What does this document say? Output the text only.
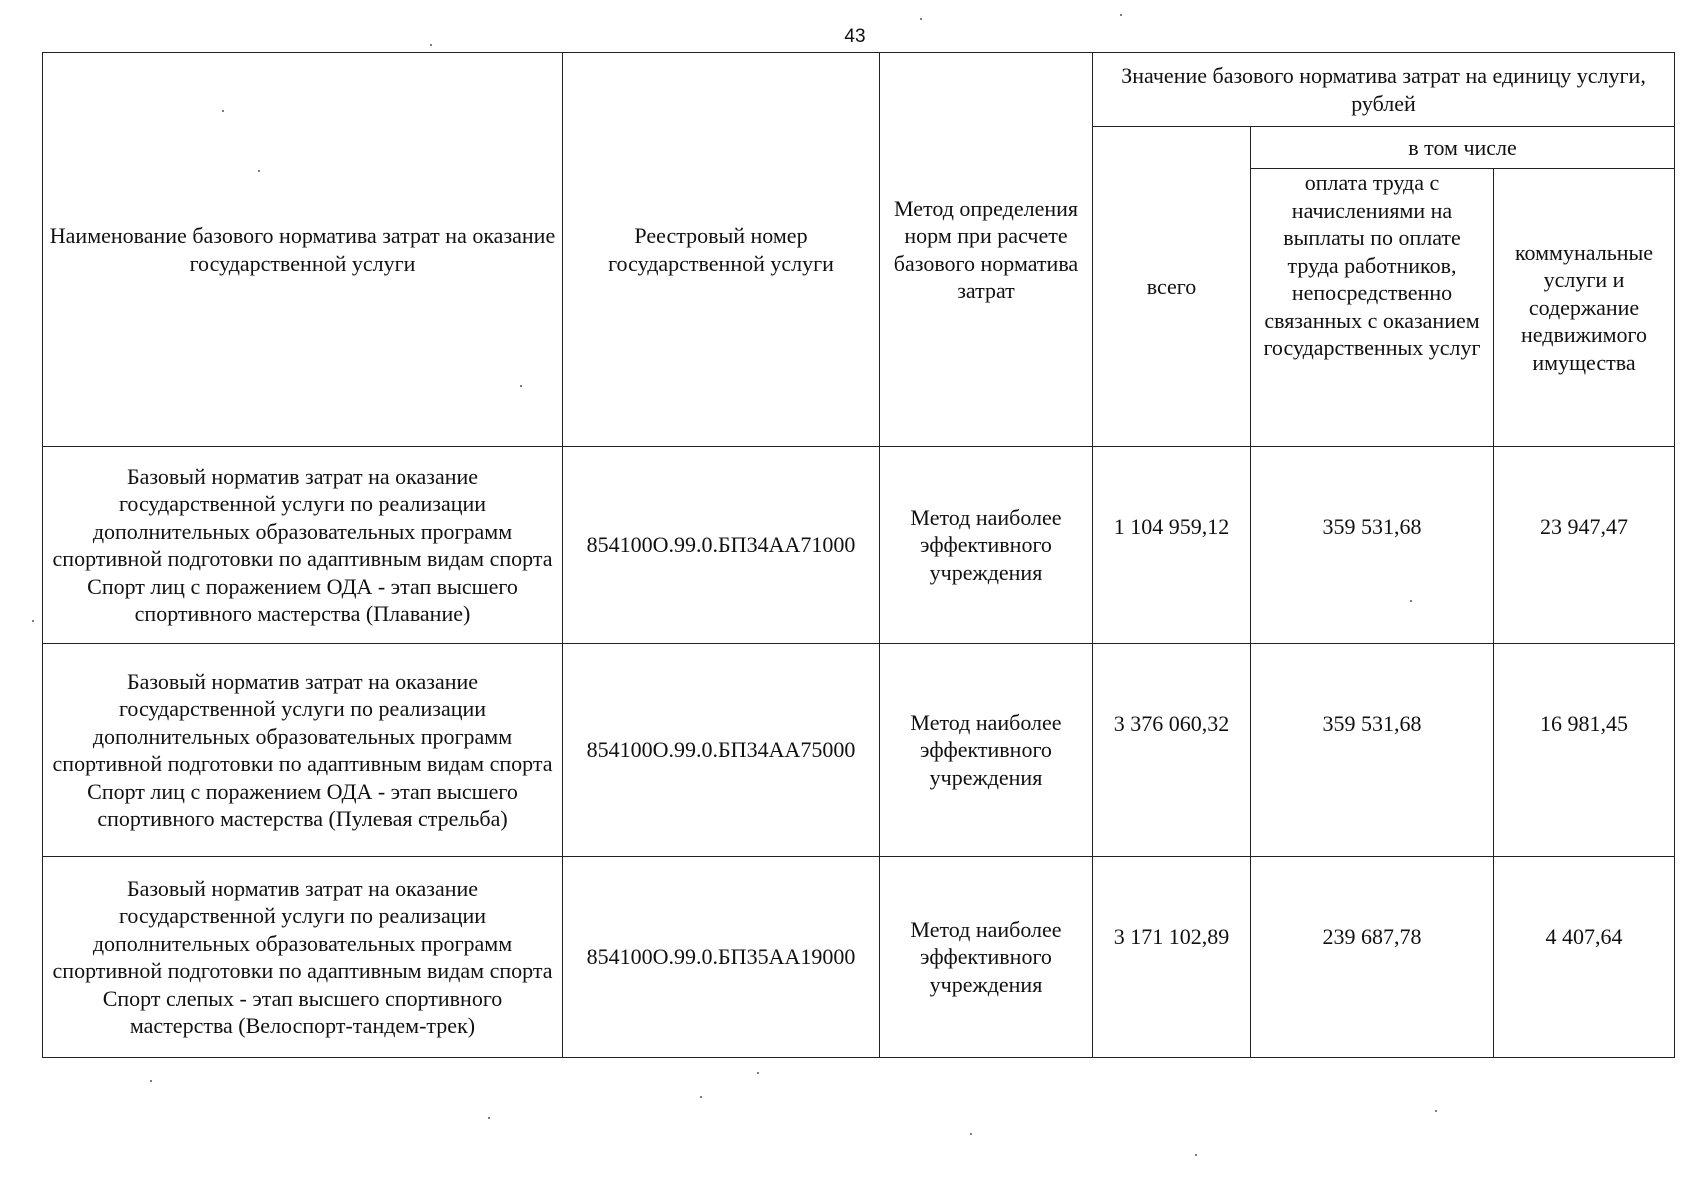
43
Наименование базового норматива затрат на оказание государственной услуги	Реестровый номер государственной услуги	Метод определения норм при расчете базового норматива затрат	Значение базового норматива затрат на единицу услуги, рублей		
			всего	в том числе	
				оплата труда с начислениями на выплаты по оплате труда работников, непосредственно связанных с оказанием государственных услуг	коммунальные услуги и содержание недвижимого имущества
Базовый норматив затрат на оказание государственной услуги по реализации дополнительных образовательных программ спортивной подготовки по адаптивным видам спорта Спорт лиц с поражением ОДА - этап высшего спортивного мастерства (Плавание)	854100О.99.0.БП34АА71000	Метод наиболее эффективного учреждения	1 104 959,12	359 531,68	23 947,47
Базовый норматив затрат на оказание государственной услуги по реализации дополнительных образовательных программ спортивной подготовки по адаптивным видам спорта Спорт лиц с поражением ОДА - этап высшего спортивного мастерства (Пулевая стрельба)	854100О.99.0.БП34АА75000	Метод наиболее эффективного учреждения	3 376 060,32	359 531,68	16 981,45
Базовый норматив затрат на оказание государственной услуги по реализации дополнительных образовательных программ спортивной подготовки по адаптивным видам спорта Спорт слепых - этап высшего спортивного мастерства (Велоспорт-тандем-трек)	854100О.99.0.БП35АА19000	Метод наиболее эффективного учреждения	3 171 102,89	239 687,78	4 407,64
